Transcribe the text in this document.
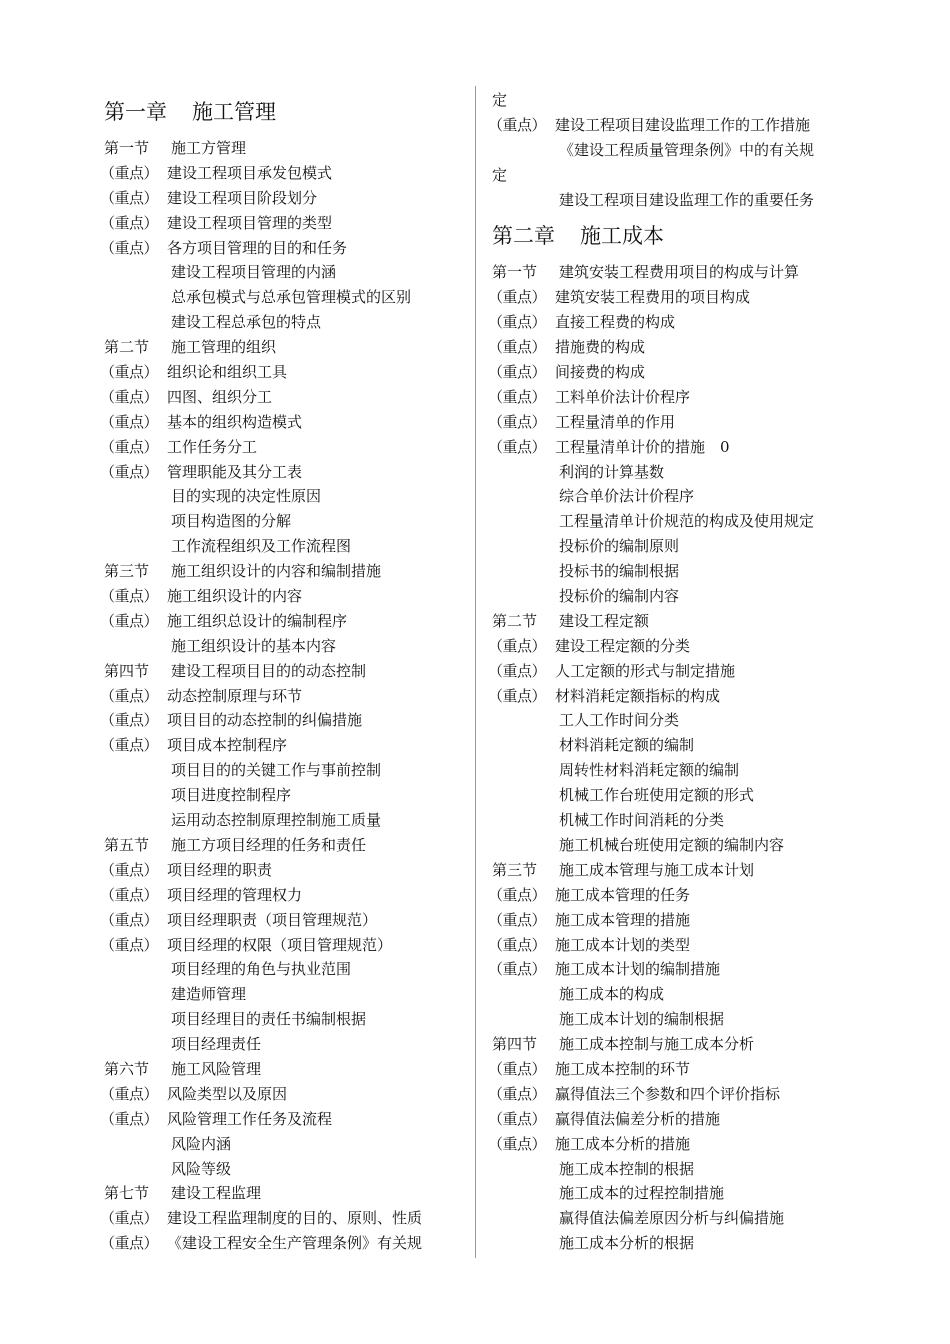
第一章 施工管理
第一节 施工方管理
（重点） 建设工程项目承发包模式
（重点） 建设工程项目阶段划分
（重点） 建设工程项目管理的类型
（重点） 各方项目管理的目的和任务
建设工程项目管理的内涵
总承包模式与总承包管理模式的区别
建设工程总承包的特点
第二节 施工管理的组织
（重点） 组织论和组织工具
（重点） 四图、组织分工
（重点） 基本的组织构造模式
（重点） 工作任务分工
（重点） 管理职能及其分工表
目的实现的决定性原因
项目构造图的分解
工作流程组织及工作流程图
第三节 施工组织设计的内容和编制措施
（重点） 施工组织设计的内容
（重点） 施工组织总设计的编制程序
施工组织设计的基本内容
第四节 建设工程项目目的的动态控制
（重点） 动态控制原理与环节
（重点） 项目目的动态控制的纠偏措施
（重点） 项目成本控制程序
项目目的的关键工作与事前控制
项目进度控制程序
运用动态控制原理控制施工质量
第五节 施工方项目经理的任务和责任
（重点） 项目经理的职责
（重点） 项目经理的管理权力
（重点） 项目经理职责（项目管理规范）
（重点） 项目经理的权限（项目管理规范）
项目经理的角色与执业范围
建造师管理
项目经理目的责任书编制根据
项目经理责任
第六节 施工风险管理
（重点） 风险类型以及原因
（重点） 风险管理工作任务及流程
风险内涵
风险等级
第七节 建设工程监理
（重点） 建设工程监理制度的目的、原则、性质
（重点） 《建设工程安全生产管理条例》有关规
定
（重点） 建设工程项目建设监理工作的工作措施
《建设工程质量管理条例》中的有关规
定
建设工程项目建设监理工作的重要任务
第二章 施工成本
第一节 建筑安装工程费用项目的构成与计算
（重点） 建筑安装工程费用的项目构成
（重点） 直接工程费的构成
（重点） 措施费的构成
（重点） 间接费的构成
（重点） 工料单价法计价程序
（重点） 工程量清单的作用
（重点） 工程量清单计价的措施　0
利润的计算基数
综合单价法计价程序
工程量清单计价规范的构成及使用规定
投标价的编制原则
投标书的编制根据
投标价的编制内容
第二节 建设工程定额
（重点） 建设工程定额的分类
（重点） 人工定额的形式与制定措施
（重点） 材料消耗定额指标的构成
工人工作时间分类
材料消耗定额的编制
周转性材料消耗定额的编制
机械工作台班使用定额的形式
机械工作时间消耗的分类
施工机械台班使用定额的编制内容
第三节 施工成本管理与施工成本计划
（重点） 施工成本管理的任务
（重点） 施工成本管理的措施
（重点） 施工成本计划的类型
（重点） 施工成本计划的编制措施
施工成本的构成
施工成本计划的编制根据
第四节 施工成本控制与施工成本分析
（重点） 施工成本控制的环节
（重点） 赢得值法三个参数和四个评价指标
（重点） 赢得值法偏差分析的措施
（重点） 施工成本分析的措施
施工成本控制的根据
施工成本的过程控制措施
赢得值法偏差原因分析与纠偏措施
施工成本分析的根据
